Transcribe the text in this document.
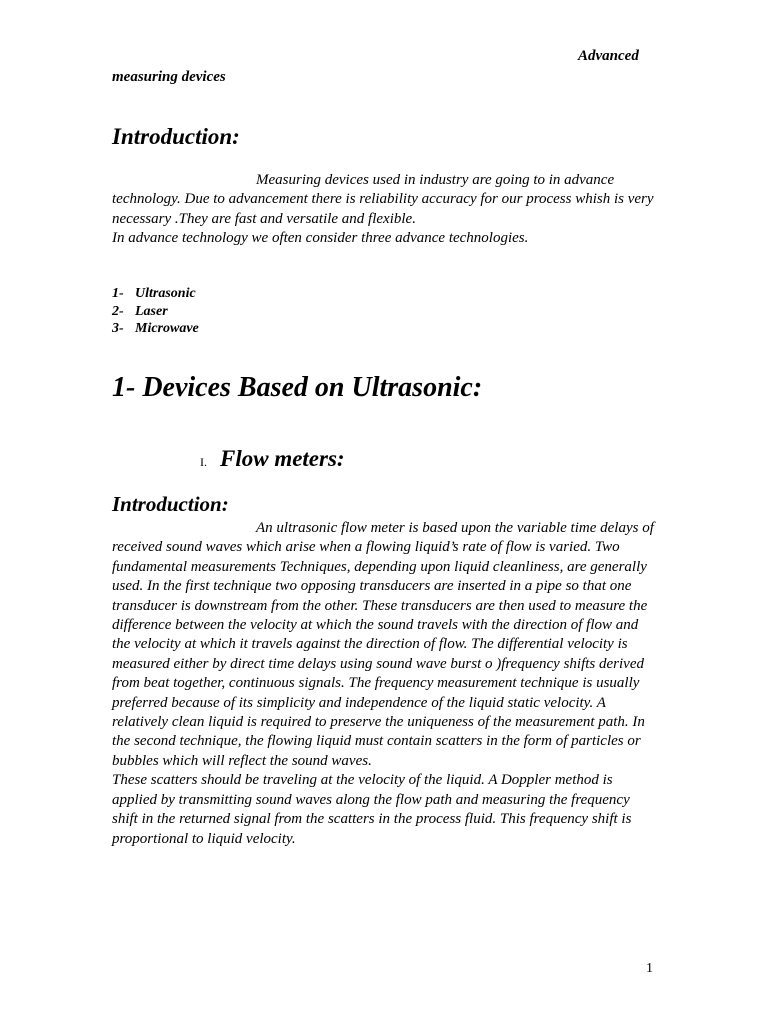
Advanced
measuring devices
Introduction:
Measuring devices used in industry are going to in advance technology. Due to advancement there is reliability accuracy for our process whish is very necessary .They are fast and versatile and flexible.
In advance technology we often consider three advance technologies.
1- Ultrasonic
2- Laser
3- Microwave
1- Devices Based on Ultrasonic:
I. Flow meters:
Introduction:
An ultrasonic flow meter is based upon the variable time delays of received sound waves which arise when a flowing liquid’s rate of flow is varied. Two fundamental measurements Techniques, depending upon liquid cleanliness, are generally used. In the first technique two opposing transducers are inserted in a pipe so that one transducer is downstream from the other. These transducers are then used to measure the difference between the velocity at which the sound travels with the direction of flow and the velocity at which it travels against the direction of flow. The differential velocity is measured either by direct time delays using sound wave burst o )frequency shifts derived from beat together, continuous signals. The frequency measurement technique is usually preferred because of its simplicity and independence of the liquid static velocity. A relatively clean liquid is required to preserve the uniqueness of the measurement path. In the second technique, the flowing liquid must contain scatters in the form of particles or bubbles which will reflect the sound waves.
These scatters should be traveling at the velocity of the liquid. A Doppler method is applied by transmitting sound waves along the flow path and measuring the frequency shift in the returned signal from the scatters in the process fluid. This frequency shift is proportional to liquid velocity.
1
